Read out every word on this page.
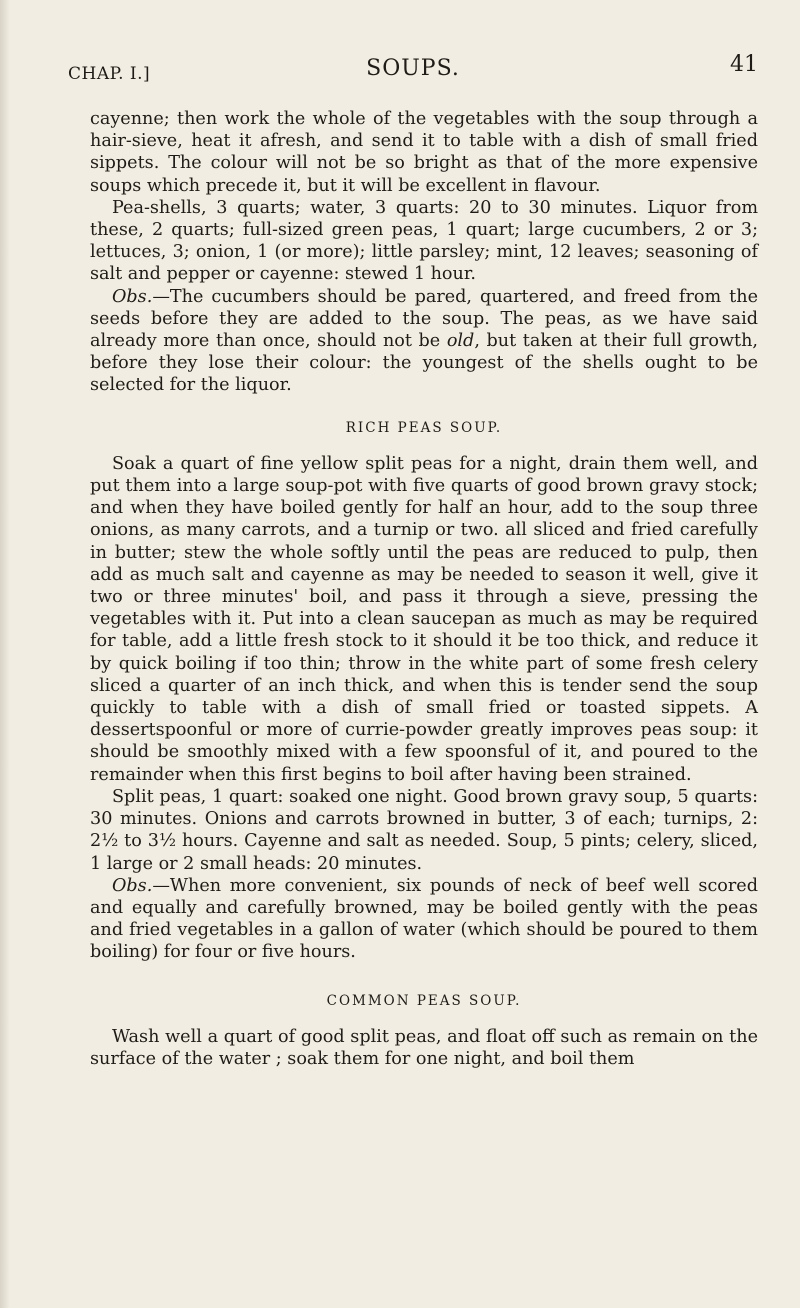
CHAP. I.]	SOUPS.	41

cayenne; then work the whole of the vegetables with the soup through a hair-sieve, heat it afresh, and send it to table with a dish of small fried sippets. The colour will not be so bright as that of the more expensive soups which precede it, but it will be excellent in flavour.

Pea-shells, 3 quarts; water, 3 quarts: 20 to 30 minutes. Liquor from these, 2 quarts; full-sized green peas, 1 quart; large cucumbers, 2 or 3; lettuces, 3; onion, 1 (or more); little parsley; mint, 12 leaves; seasoning of salt and pepper or cayenne: stewed 1 hour.

Obs.—The cucumbers should be pared, quartered, and freed from the seeds before they are added to the soup. The peas, as we have said already more than once, should not be old, but taken at their full growth, before they lose their colour: the youngest of the shells ought to be selected for the liquor.

RICH PEAS SOUP.

Soak a quart of fine yellow split peas for a night, drain them well, and put them into a large soup-pot with five quarts of good brown gravy stock; and when they have boiled gently for half an hour, add to the soup three onions, as many carrots, and a turnip or two. all sliced and fried carefully in butter; stew the whole softly until the peas are reduced to pulp, then add as much salt and cayenne as may be needed to season it well, give it two or three minutes' boil, and pass it through a sieve, pressing the vegetables with it. Put into a clean saucepan as much as may be required for table, add a little fresh stock to it should it be too thick, and reduce it by quick boiling if too thin; throw in the white part of some fresh celery sliced a quarter of an inch thick, and when this is tender send the soup quickly to table with a dish of small fried or toasted sippets. A dessertspoonful or more of currie-powder greatly improves peas soup: it should be smoothly mixed with a few spoonsful of it, and poured to the remainder when this first begins to boil after having been strained.

Split peas, 1 quart: soaked one night. Good brown gravy soup, 5 quarts: 30 minutes. Onions and carrots browned in butter, 3 of each; turnips, 2: 2½ to 3½ hours. Cayenne and salt as needed. Soup, 5 pints; celery, sliced, 1 large or 2 small heads: 20 minutes.

Obs.—When more convenient, six pounds of neck of beef well scored and equally and carefully browned, may be boiled gently with the peas and fried vegetables in a gallon of water (which should be poured to them boiling) for four or five hours.

COMMON PEAS SOUP.

Wash well a quart of good split peas, and float off such as remain on the surface of the water ; soak them for one night, and boil them
